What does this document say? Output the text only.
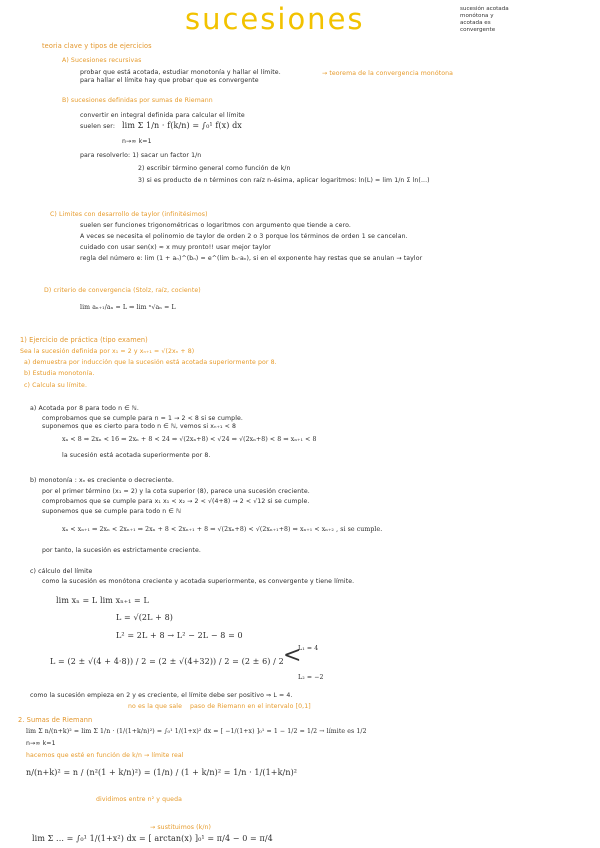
sucesiones	sucesión acotada
monótona y
acotada es
convergente
teoria clave y tipos de ejercicios
A) Sucesiones recursivas
probar que está acotada, estudiar monotonía y hallar el límite.
para hallar el límite hay que probar que es convergente
→ teorema de la convergencia monótona
B) sucesiones definidas por sumas de Riemann
convertir en integral definida para calcular el límite
suelen ser: lim Σ 1/n · f(k/n) = ∫₀¹ f(x) dx
n→∞ k=1
para resolverlo: 1) sacar un factor 1/n
2) escribir término general como función de k/n
3) si es producto de n términos con raíz n-ésima, aplicar logaritmos: ln(L) = lim 1/n Σ ln(...)
C) Limites con desarrollo de taylor (infinitésimos)
suelen ser funciones trigonométricas o logaritmos con argumento que tiende a cero.
A veces se necesita el polinomio de taylor de orden 2 o 3 porque los términos de orden 1 se cancelan.
cuidado con usar sen(x) ≈ x muy pronto!! usar mejor taylor
regla del número e: lim (1 + aₙ)^(bₙ) = e^(lim bₙ·aₙ), si en el exponente hay restas que se anulan → taylor
D) criterio de convergencia (Stolz, raíz, cociente)
lim aₙ₊₁/aₙ = L ⇒ lim ⁿ√aₙ = L
1) Ejercicio de práctica (tipo examen)
Sea la sucesión definida por x₁ = 2 y xₙ₊₁ = √(2xₙ + 8)
a) demuestra por inducción que la sucesión está acotada superiormente por 8.
b) Estudia monotonía.
c) Calcula su límite.
a) Acotada por 8 para todo n ∈ ℕ.
comprobamos que se cumple para n = 1 → 2 < 8 si se cumple.
suponemos que es cierto para todo n ∈ ℕ, vemos si xₙ₊₁ < 8
xₙ < 8 ⇒ 2xₙ < 16 ⇒ 2xₙ + 8 < 24 ⇒ √(2xₙ+8) < √24 ⇒ √(2xₙ+8) < 8 ⇒ xₙ₊₁ < 8
la sucesión está acotada superiormente por 8.
b) monotonía : xₙ es creciente o decreciente.
por el primer término (x₁ = 2) y la cota superior (8), parece una sucesión creciente.
comprobamos que se cumple para x₁ x₁ < x₂ → 2 < √(4+8) → 2 < √12 si se cumple.
suponemos que se cumple para todo n ∈ ℕ
xₙ < xₙ₊₁ ⇒ 2xₙ < 2xₙ₊₁ ⇒ 2xₙ + 8 < 2xₙ₊₁ + 8 ⇒ √(2xₙ+8) < √(2xₙ₊₁+8) ⇒ xₙ₊₁ < xₙ₊₂ , si se cumple.
por tanto, la sucesión es estrictamente creciente.
c) cálculo del límite
como la sucesión es monótona creciente y acotada superiormente, es convergente y tiene límite.
lim xₙ = L lim xₙ₊₁ = L
L = √(2L + 8)
L² = 2L + 8 → L² − 2L − 8 = 0
L = (2 ± √(4 + 4·8)) / 2 = (2 ± √(4+32)) / 2 = (2 ± 6) / 2 <
L₁ = 4
L₂ = −2
como la sucesión empieza en 2 y es creciente, el límite debe ser positivo ⇒ L = 4.
2. Sumas de Riemann
no es la que sale paso de Riemann en el intervalo [0,1]
lim Σ n/(n+k)² = lim Σ 1/n · (1/(1+k/n)²) = ∫₀¹ 1/(1+x)² dx = [ −1/(1+x) ]₀¹ = 1 − 1/2 = 1/2 → límite es 1/2
n→∞ k=1
hacemos que esté en función de k/n → límite real
n/(n+k)² = n / (n²(1 + k/n)²) = (1/n) / (1 + k/n)² = 1/n · 1/(1+k/n)²
dividimos entre n² y queda
→ sustituimos (k/n)
lim Σ ... = ∫₀¹ 1/(1+x²) dx = [ arctan(x) ]₀¹ = π/4 − 0 = π/4
